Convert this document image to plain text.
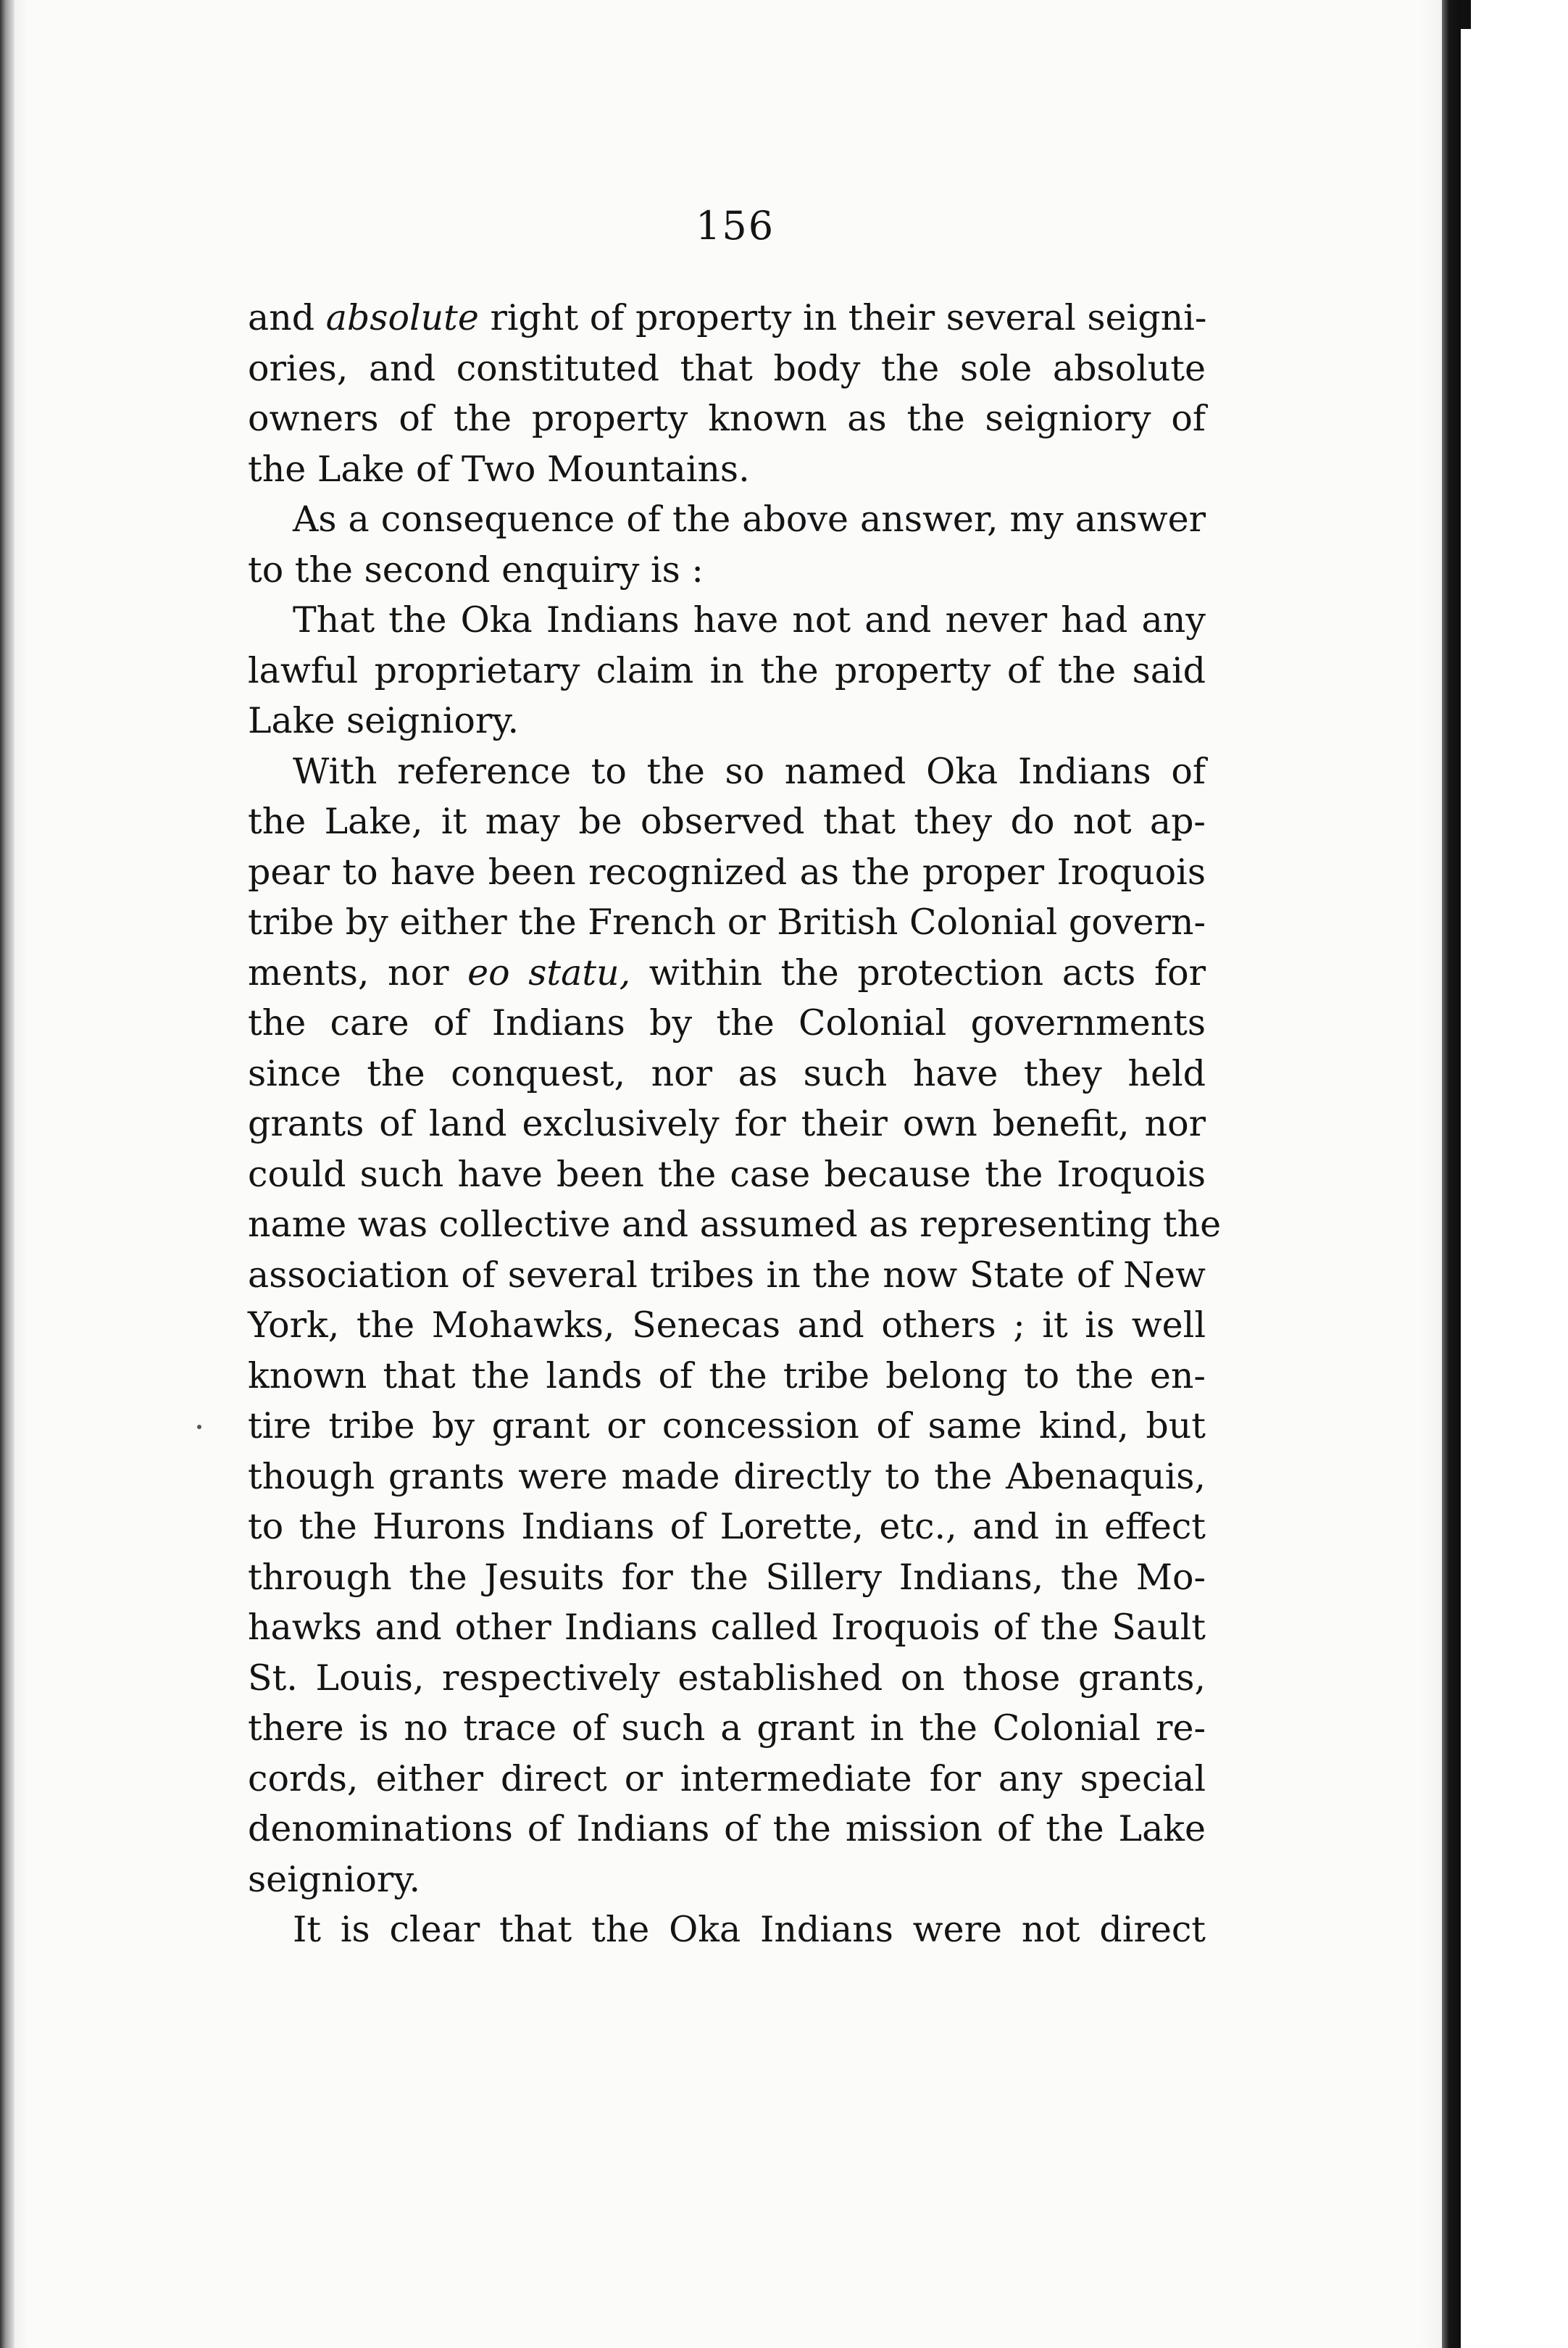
156
and absolute right of property in their several seigni-
ories, and constituted that body the sole absolute
owners of the property known as the seigniory of
the Lake of Two Mountains.
As a consequence of the above answer, my answer
to the second enquiry is :
That the Oka Indians have not and never had any
lawful proprietary claim in the property of the said
Lake seigniory.
With reference to the so named Oka Indians of
the Lake, it may be observed that they do not ap-
pear to have been recognized as the proper Iroquois
tribe by either the French or British Colonial govern-
ments, nor eo statu, within the protection acts for
the care of Indians by the Colonial governments
since the conquest, nor as such have they held
grants of land exclusively for their own benefit, nor
could such have been the case because the Iroquois
name was collective and assumed as representing the
association of several tribes in the now State of New
York, the Mohawks, Senecas and others ; it is well
known that the lands of the tribe belong to the en-
tire tribe by grant or concession of same kind, but
though grants were made directly to the Abenaquis,
to the Hurons Indians of Lorette, etc., and in effect
through the Jesuits for the Sillery Indians, the Mo-
hawks and other Indians called Iroquois of the Sault
St. Louis, respectively established on those grants,
there is no trace of such a grant in the Colonial re-
cords, either direct or intermediate for any special
denominations of Indians of the mission of the Lake
seigniory.
It is clear that the Oka Indians were not direct
